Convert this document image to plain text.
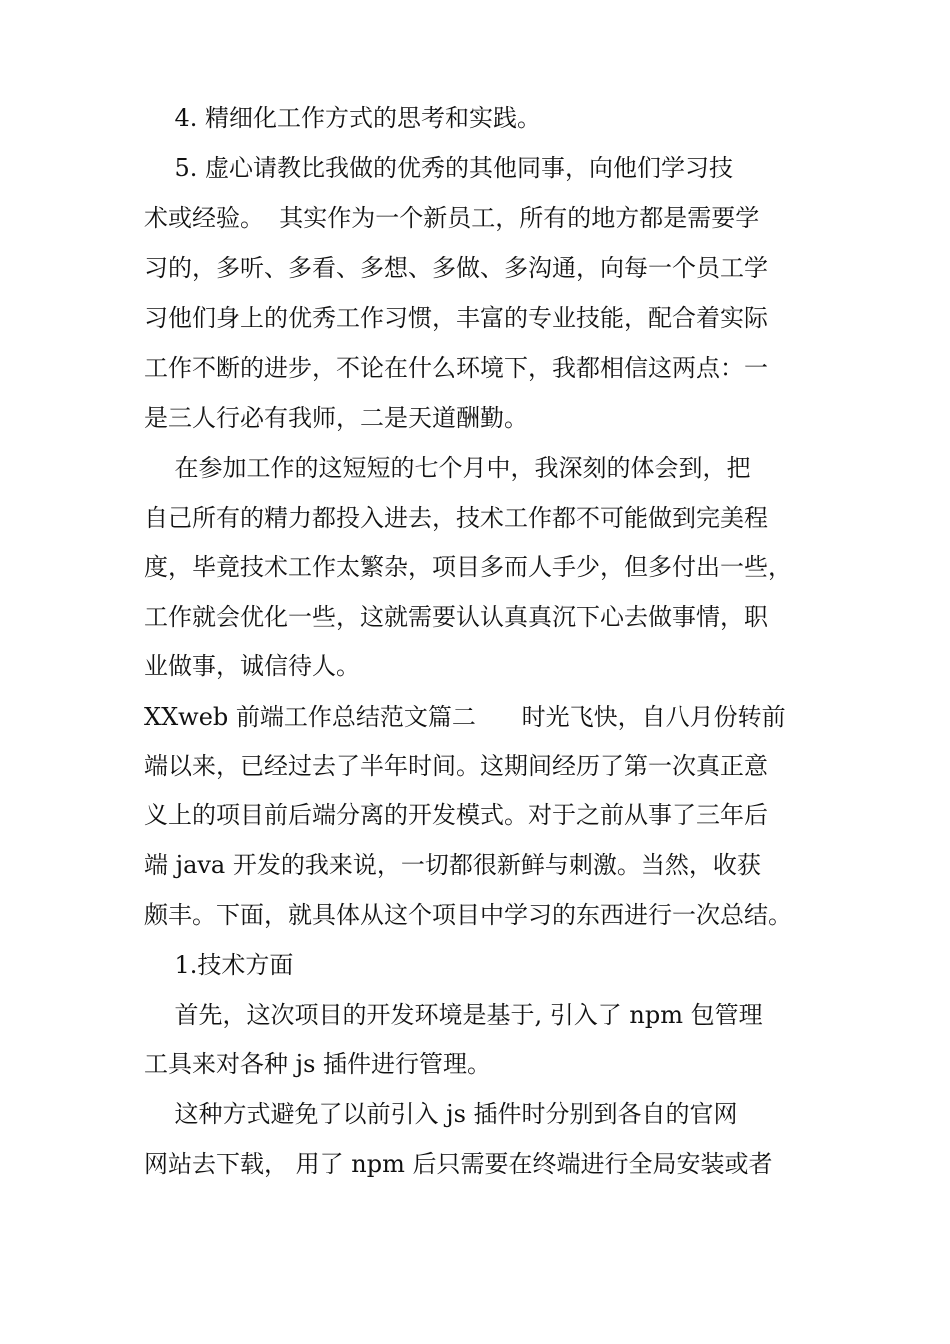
4. 精细化工作方式的思考和实践。
5. 虚心请教比我做的优秀的其他同事，向他们学习技
术或经验。  其实作为一个新员工，所有的地方都是需要学
习的，多听、多看、多想、多做、多沟通，向每一个员工学
习他们身上的优秀工作习惯，丰富的专业技能，配合着实际
工作不断的进步，不论在什么环境下，我都相信这两点：一
是三人行必有我师，二是天道酬勤。
在参加工作的这短短的七个月中，我深刻的体会到，把
自己所有的精力都投入进去，技术工作都不可能做到完美程
度，毕竟技术工作太繁杂，项目多而人手少，但多付出一些，
工作就会优化一些，这就需要认认真真沉下心去做事情，职
业做事，诚信待人。
XXweb 前端工作总结范文篇二      时光飞快，自八月份转前
端以来，已经过去了半年时间。这期间经历了第一次真正意
义上的项目前后端分离的开发模式。对于之前从事了三年后
端 java 开发的我来说，一切都很新鲜与刺激。当然，收获
颇丰。下面，就具体从这个项目中学习的东西进行一次总结。
1.技术方面
首先，这次项目的开发环境是基于, 引入了 npm 包管理
工具来对各种 js 插件进行管理。
这种方式避免了以前引入 js 插件时分别到各自的官网
网站去下载， 用了 npm 后只需要在终端进行全局安装或者
